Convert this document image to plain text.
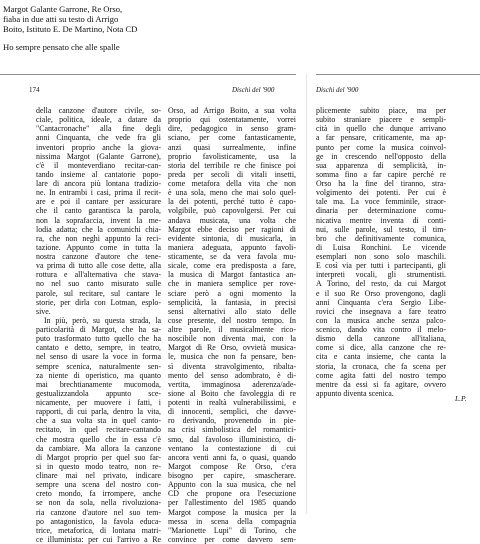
Margot Galante Garrone, Re Orso,
fiaba in due atti su testo di Arrigo
Boito, Istituto E. De Martino, Nota CD
Ho sempre pensato che alle spalle
174	Dischi del '900	Dischi del '900
della canzone d'autore civile, so-
ciale, politica, ideale, a datare da
"Cantacronache" alla fine degli
anni Cinquanta, che vede fra gli
inventori proprio anche la giova-
nissima Margot (Galante Garrone),
c'è il monteverdiano recitar-can-
tando insieme al cantatorie popo-
lare di ancora più lontana tradizio-
ne. In entrambi i casi, prima il recit-
are e poi il cantare per assicurare
che il canto garantisca la parola,
non la soprafaccia, invent la me-
lodia adatta; che la comunichi chia-
ra, che non neghi appunto la reci-
tazione. Appunto come in tutta la
nostra canzone d'autore che tene-
va prima di tutto alle cose dette, alla
rottura e all'alternativa che stava-
no nel suo canto misurato sulle
parole, sul recitare, sul cantare le
storie, per dirla con Lotman, esplo-
sive.
In più, però, su questa strada, la
particolarità di Margot, che ha sa-
puto trasformato tutto quello che ha
cantato e detto, sempre, in teatro,
nel senso di usare la voce in forma
sempre scenica, naturalmente sen-
za niente di operistico, ma quanto
mai brechtianamente mucomoda,
gestualizzandola appunto sce-
nicamente, per muovere i fatti, i
rapporti, di cui parla, dentro la vita,
che a sua volta sta in quel canto-
recitato, in quel recitare-cantando
che mostra quello che in essa c'è
da cambiare. Ma allora la canzone
di Margot proprio per quel suo far-
si in questo modo teatro, non re-
clinare mai nel privato, indicare
sempre una scena del nostro con-
creto mondo, fa irrompere, anche
se non da sola, nella rivoluziona-
ria canzone d'autore nel suo tem-
po antagonistico, la favola educa-
trice, metaforica, di lontana matri-
ce illuminista: per cui l'arrivo a Re
Orso, ad Arrigo Boito, a sua volta
proprio qui ostentatamente, vorrei
dire, pedagogico in senso gram-
sciano, per come fantasticamente,
anzi quasi surrealmente, infine
proprio favolisticamente, usa la
storia del terribile re che finisce poi
preda per secoli di vitali insetti,
come metafora della vita che non
è una sola, meno che mai solo quel-
la dei potenti, perché tutto è capo-
volgibile, può capovolgersi. Per cui
andava musicata, una volta che
Margot ebbe deciso per ragioni di
evidente sintonia, di musicarla, in
maniera adeguata, appunto favoli-
sticamente, se da vera favola mu-
sicale, come era predisposta a fare,
la musica di Margot fantastica an-
che in maniera semplice per rove-
sciare però a ogni momento la
semplicità, la fantasia, in precisi
sensi alternativi allo stato delle
cose presente, del nostro tempo. In
altre parole, il musicalmente rico-
noscibile non diventa mai, con la
Margot di Re Orso, ovvietà musica-
le, musica che non fa pensare, ben-
sì diventa stravolgimento, ribalta-
mento del senso adombrato, è di-
vertita, immaginosa aderenza/ade-
sione al Boito che favoleggia di re
potenti in realtà vulnerabilissimi, e
di innocenti, semplici, che davve-
ro derivando, provenendo in pie-
na crisi simbolistica del romantici-
smo, dal favoloso illuministico, di-
ventano la contestazione di cui
ancora venti anni fa, o quasi, quando
Margot compose Re Orso, c'era
bisogno per capire, smascherare.
Appunto con la sua musica, che nel
CD che propone ora l'esecuzione
per l'allestimento del 1985 quando
Margot compose la musica per la
messa in scena della compagnia
"Marionette Lupi" di Torino, che
convince per come davvero sem-
plicemente subito piace, ma per
subito straniare piacere e sempli-
cità in quello che dunque arrivano
a far pensare, criticamente, ma ap-
punto per come la musica coinvol-
ge in crescendo nell'opposto della
sua apparenza di semplicità, in-
somma fino a far capire perché re
Orso ha la fine del tiranno, stra-
volgimento dei potenti. Per cui è
tale ma. La voce femminile, straor-
dinaria per determinazione comu-
nicativa mentre inventa di conti-
nui, sulle parole, sul testo, il tim-
bro che definitivamente comunica,
di Luisa Ronchini. Le vicende
esemplari non sono solo maschili.
E così via per tutti i partecipanti, gli
interpreti vocali, gli strumentisti.
A Torino, del resto, da cui Margot
e il suo Re Orso provengono, dagli
anni Cinquanta c'era Sergio Libe-
rovici che insegnava a fare teatro
con la musica anche senza palco-
scenico, dando vita contro il melo-
dismo della canzone all'italiana,
come si dice, alla canzone che re-
cita e canta insieme, che canta la
storia, la cronaca, che fa scena per
come agita fatti del nostro tempo
mentre da essi si fa agitare, ovvero
appunto diventa scenica.
L.P.
